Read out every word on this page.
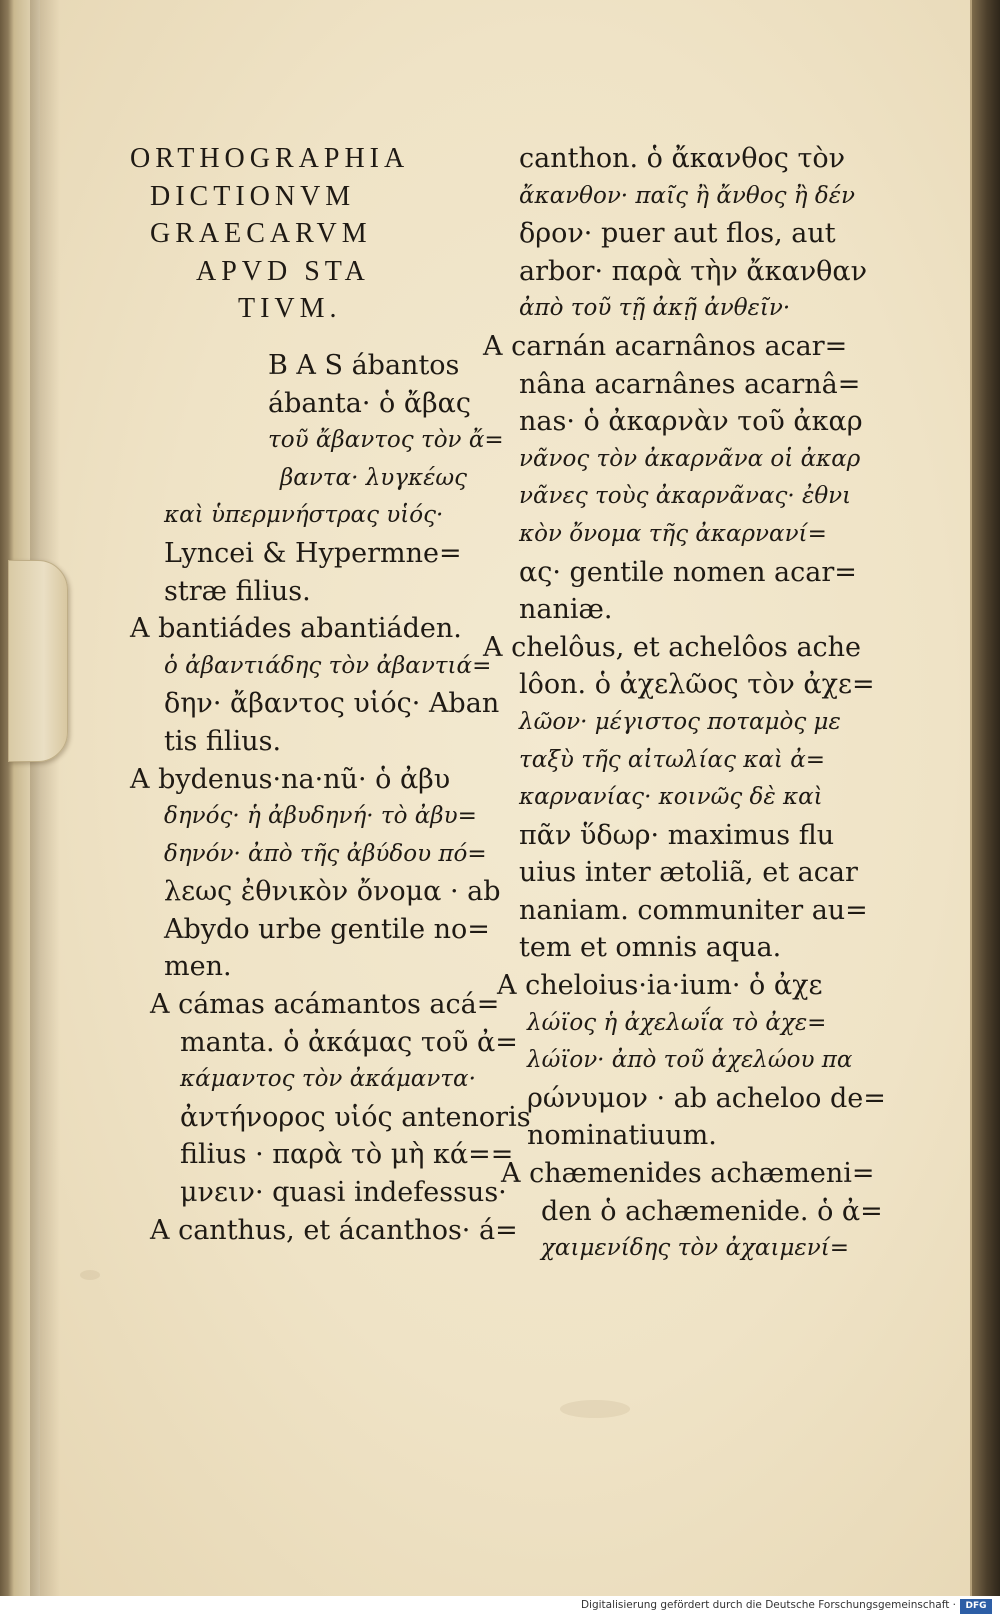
ORTHOGRAPHIA
DICTIONVM
GRAECARVM
APVD STA
TIVM.
B A S ábantos
ábanta· ὁ ἄβας
τοῦ ἄβαντος τὸν ἄ=
βαντα· λυγκέως
καὶ ὑπερμνήστρας υἱός·
Lyncei & Hypermne=
stræ filius.
A bantiádes abantiáden.
ὁ ἀβαντιάδης τὸν ἀβαντιά=
δην· ἄβαντος υἱός· Aban
tis filius.
A bydenus·na·nũ· ὁ ἀβυ
δηνός· ἡ ἀβυδηνή· τὸ ἀβυ=
δηνόν· ἀπὸ τῆς ἀβύδου πό=
λεως ἐθνικὸν ὄνομα · ab
Abydo urbe gentile no=
men.
A cámas acámantos acá=
manta. ὁ ἀκάμας τοῦ ἀ=
κάμαντος τὸν ἀκάμαντα·
ἀντήνορος υἱός antenoris
filius · παρὰ τὸ μὴ κά==
μνειν· quasi indefessus·
A canthus, et ácanthos· á=
canthon. ὁ ἄκανθος τὸν
ἄκανθον· παῖς ἢ ἄνθος ἢ δέν
δρον· puer aut flos, aut
arbor· παρὰ τὴν ἄκανθαν
ἀπὸ τοῦ τῇ ἀκῇ ἀνθεῖν·
A carnán acarnânos acar=
nâna acarnânes acarnâ=
nas· ὁ ἀκαρνὰν τοῦ ἀκαρ
νᾶνος τὸν ἀκαρνᾶνα οἱ ἀκαρ
νᾶνες τοὺς ἀκαρνᾶνας· ἐθνι
κὸν ὄνομα τῆς ἀκαρνανί=
ας· gentile nomen acar=
naniæ.
A chelôus, et achelôos ache
lôon. ὁ ἀχελῶος τὸν ἀχε=
λῶον· μέγιστος ποταμὸς με
ταξὺ τῆς αἰτωλίας καὶ ἀ=
καρνανίας· κοινῶς δὲ καὶ
πᾶν ὕδωρ· maximus flu
uius inter ætoliã, et acar
naniam. communiter au=
tem et omnis aqua.
A cheloius·ia·ium· ὁ ἀχε
λώϊος ἡ ἀχελωΐα τὸ ἀχε=
λώϊον· ἀπὸ τοῦ ἀχελώου πα
ρώνυμον · ab acheloo de=
nominatiuum.
A chæmenides achæmeni=
den ὁ achæmenide. ὁ ἀ=
χαιμενίδης τὸν ἀχαιμενί=
Digitalisierung gefördert durch die Deutsche Forschungsgemeinschaft ·	DFG
